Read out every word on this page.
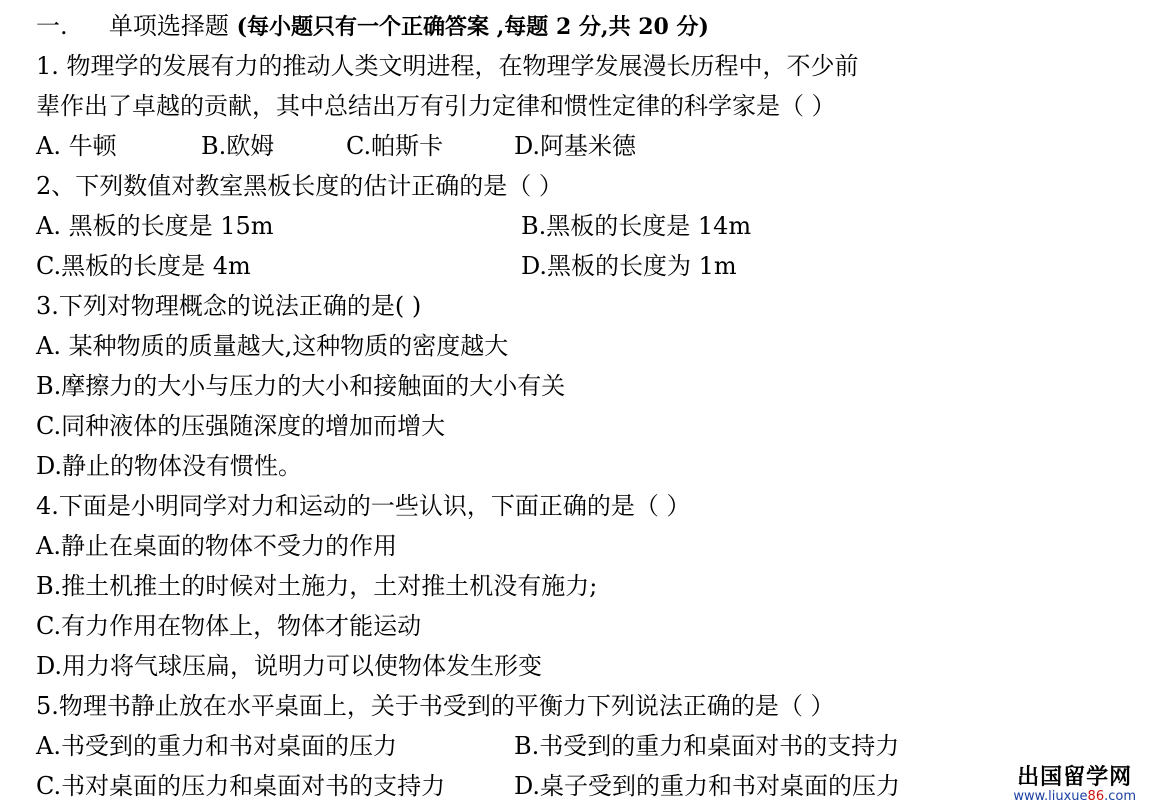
一. 单项选择题 (每小题只有一个正确答案 ,每题 2 分,共 20 分)
1. 物理学的发展有力的推动人类文明进程，在物理学发展漫长历程中，不少前
辈作出了卓越的贡献，其中总结出万有引力定律和惯性定律的科学家是（ ）
A. 牛顿	B.欧姆	C.帕斯卡	D.阿基米德
2、下列数值对教室黑板长度的估计正确的是（ ）
A. 黑板的长度是 15m	B.黑板的长度是 14m
C.黑板的长度是 4m	D.黑板的长度为 1m
3.下列对物理概念的说法正确的是( )
A. 某种物质的质量越大,这种物质的密度越大
B.摩擦力的大小与压力的大小和接触面的大小有关
C.同种液体的压强随深度的增加而增大
D.静止的物体没有惯性。
4.下面是小明同学对力和运动的一些认识，下面正确的是（ ）
A.静止在桌面的物体不受力的作用
B.推土机推土的时候对土施力，土对推土机没有施力;
C.有力作用在物体上，物体才能运动
D.用力将气球压扁，说明力可以使物体发生形变
5.物理书静止放在水平桌面上，关于书受到的平衡力下列说法正确的是（ ）
A.书受到的重力和书对桌面的压力	B.书受到的重力和桌面对书的支持力
C.书对桌面的压力和桌面对书的支持力	D.桌子受到的重力和书对桌面的压力	出国留学网
www.liuxue86.com
